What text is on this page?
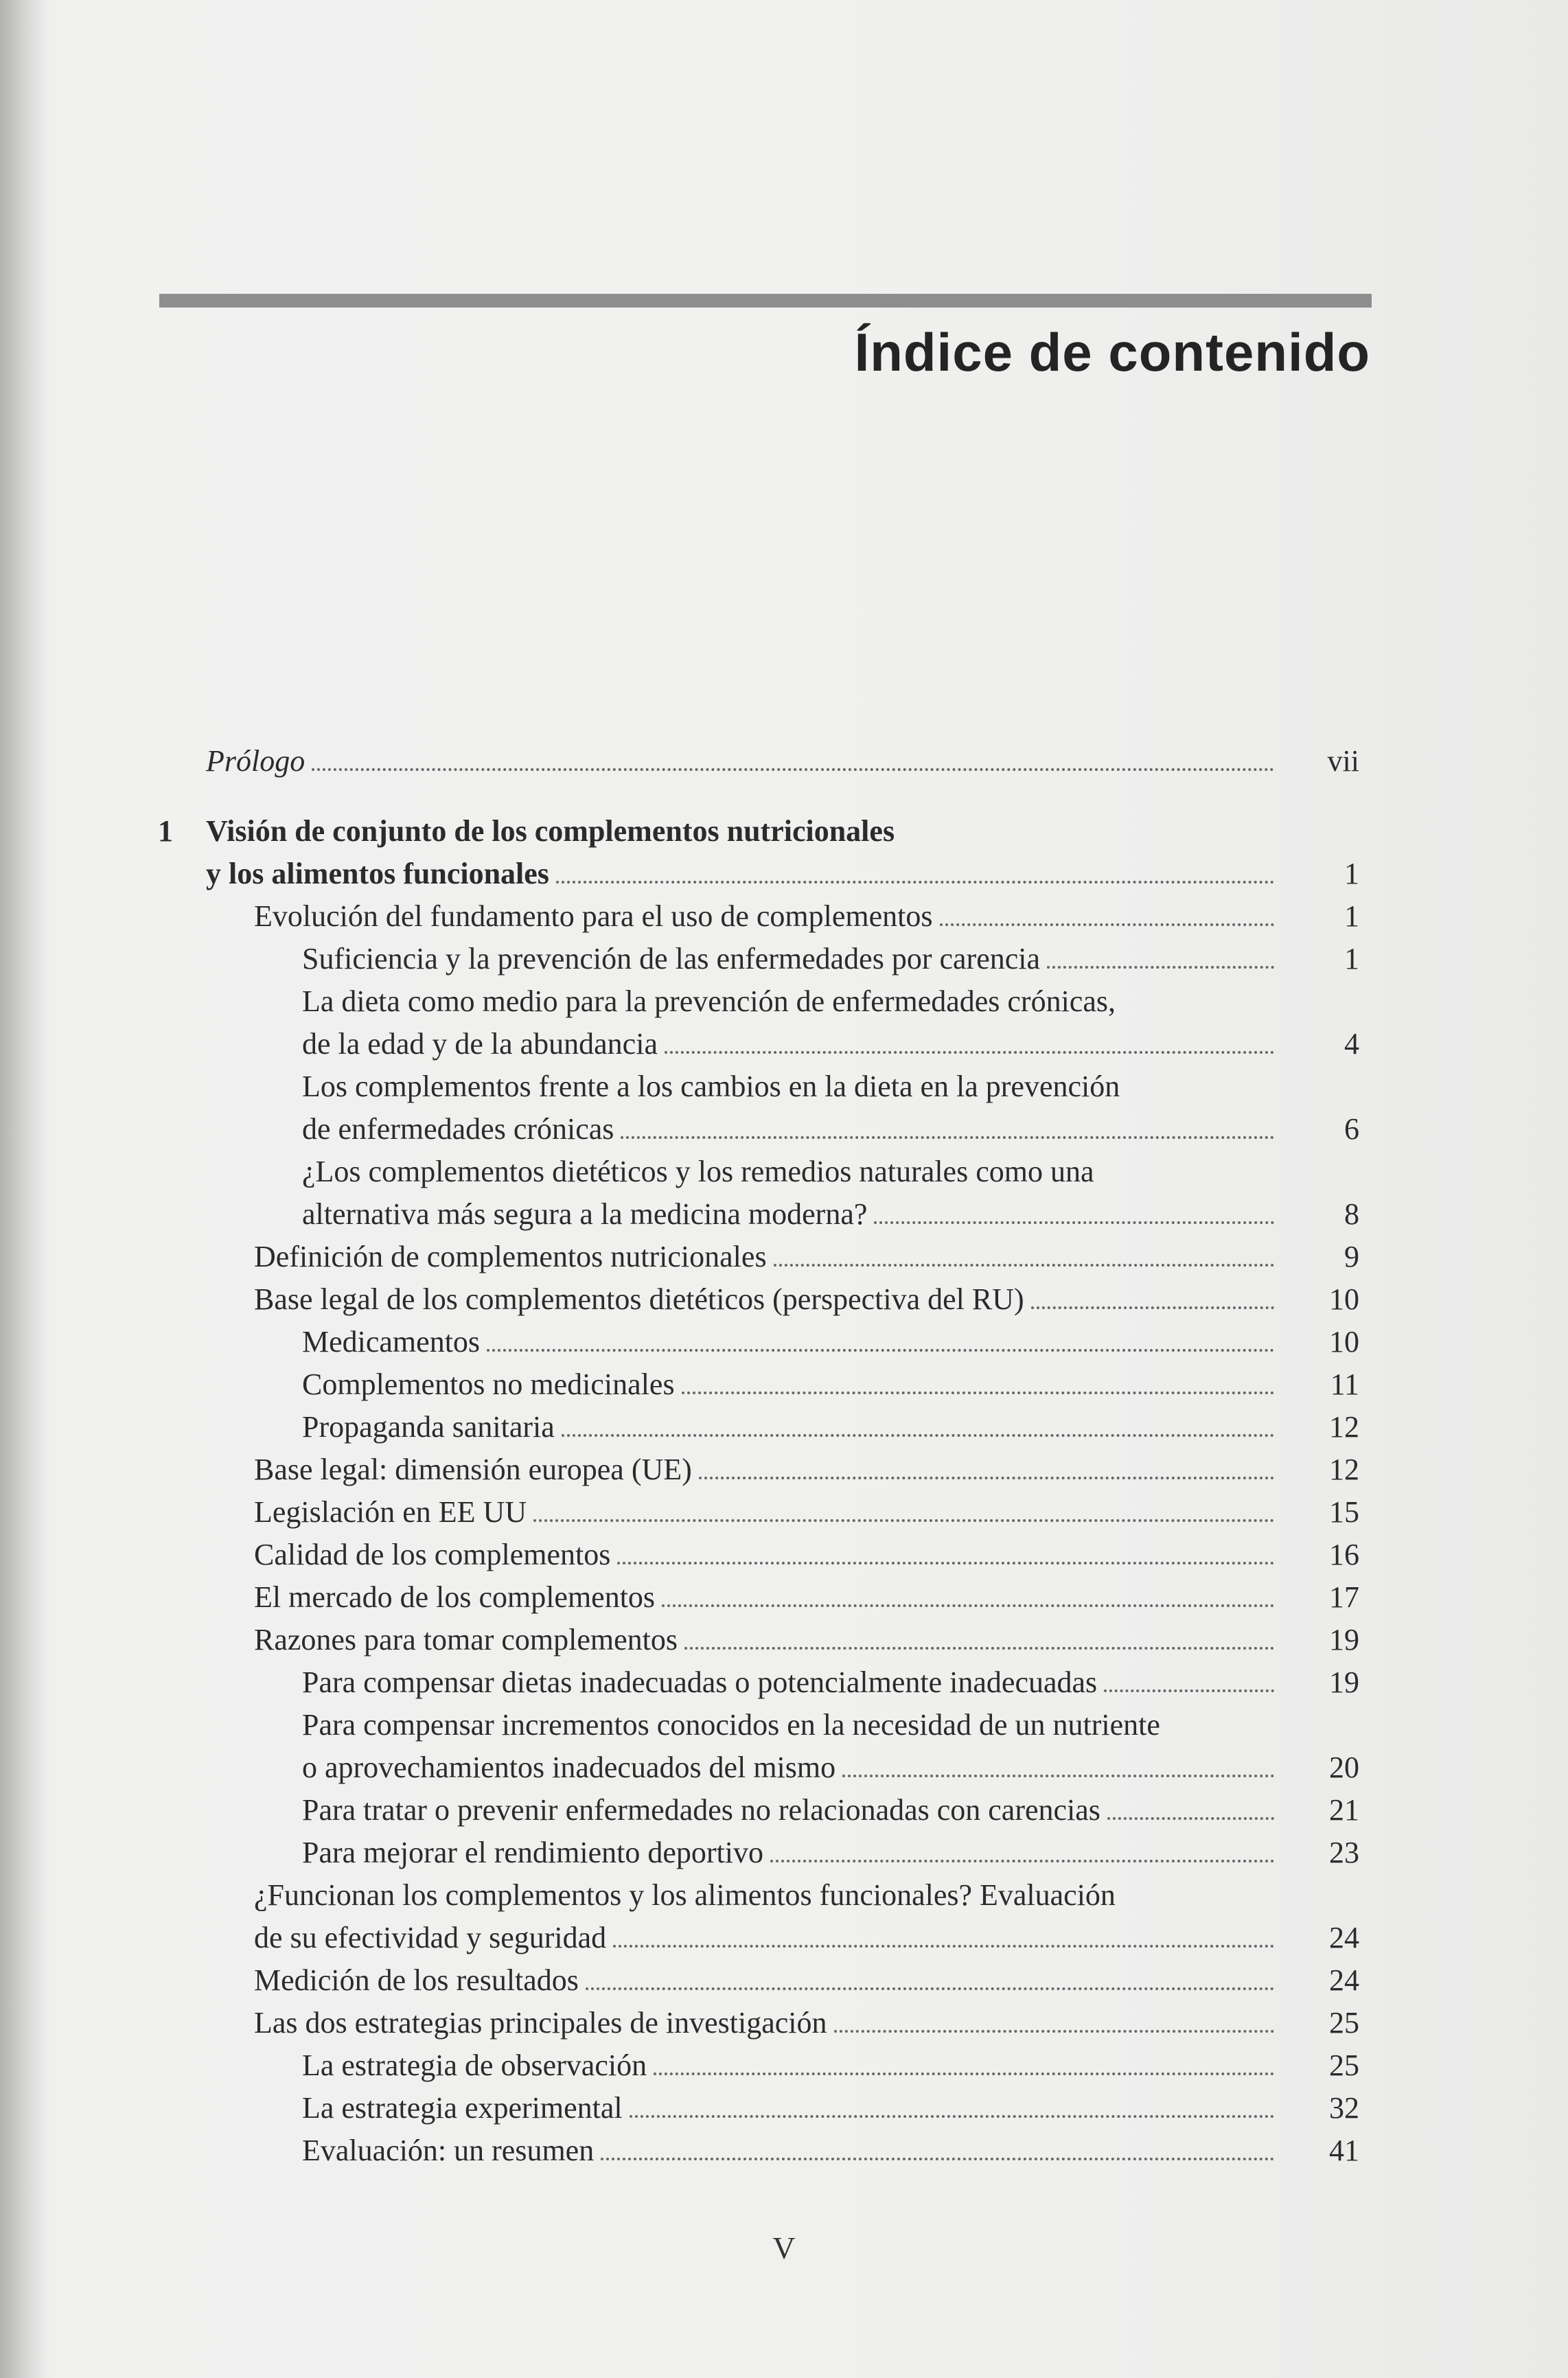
Índice de contenido
Prólogo	vii
1	Visión de conjunto de los complementos nutricionales
y los alimentos funcionales	1
Evolución del fundamento para el uso de complementos	1
Suficiencia y la prevención de las enfermedades por carencia	1
La dieta como medio para la prevención de enfermedades crónicas,
de la edad y de la abundancia	4
Los complementos frente a los cambios en la dieta en la prevención
de enfermedades crónicas	6
¿Los complementos dietéticos y los remedios naturales como una
alternativa más segura a la medicina moderna?	8
Definición de complementos nutricionales	9
Base legal de los complementos dietéticos (perspectiva del RU)	10
Medicamentos	10
Complementos no medicinales	11
Propaganda sanitaria	12
Base legal: dimensión europea (UE)	12
Legislación en EE UU	15
Calidad de los complementos	16
El mercado de los complementos	17
Razones para tomar complementos	19
Para compensar dietas inadecuadas o potencialmente inadecuadas	19
Para compensar incrementos conocidos en la necesidad de un nutriente
o aprovechamientos inadecuados del mismo	20
Para tratar o prevenir enfermedades no relacionadas con carencias	21
Para mejorar el rendimiento deportivo	23
¿Funcionan los complementos y los alimentos funcionales? Evaluación
de su efectividad y seguridad	24
Medición de los resultados	24
Las dos estrategias principales de investigación	25
La estrategia de observación	25
La estrategia experimental	32
Evaluación: un resumen	41
V
